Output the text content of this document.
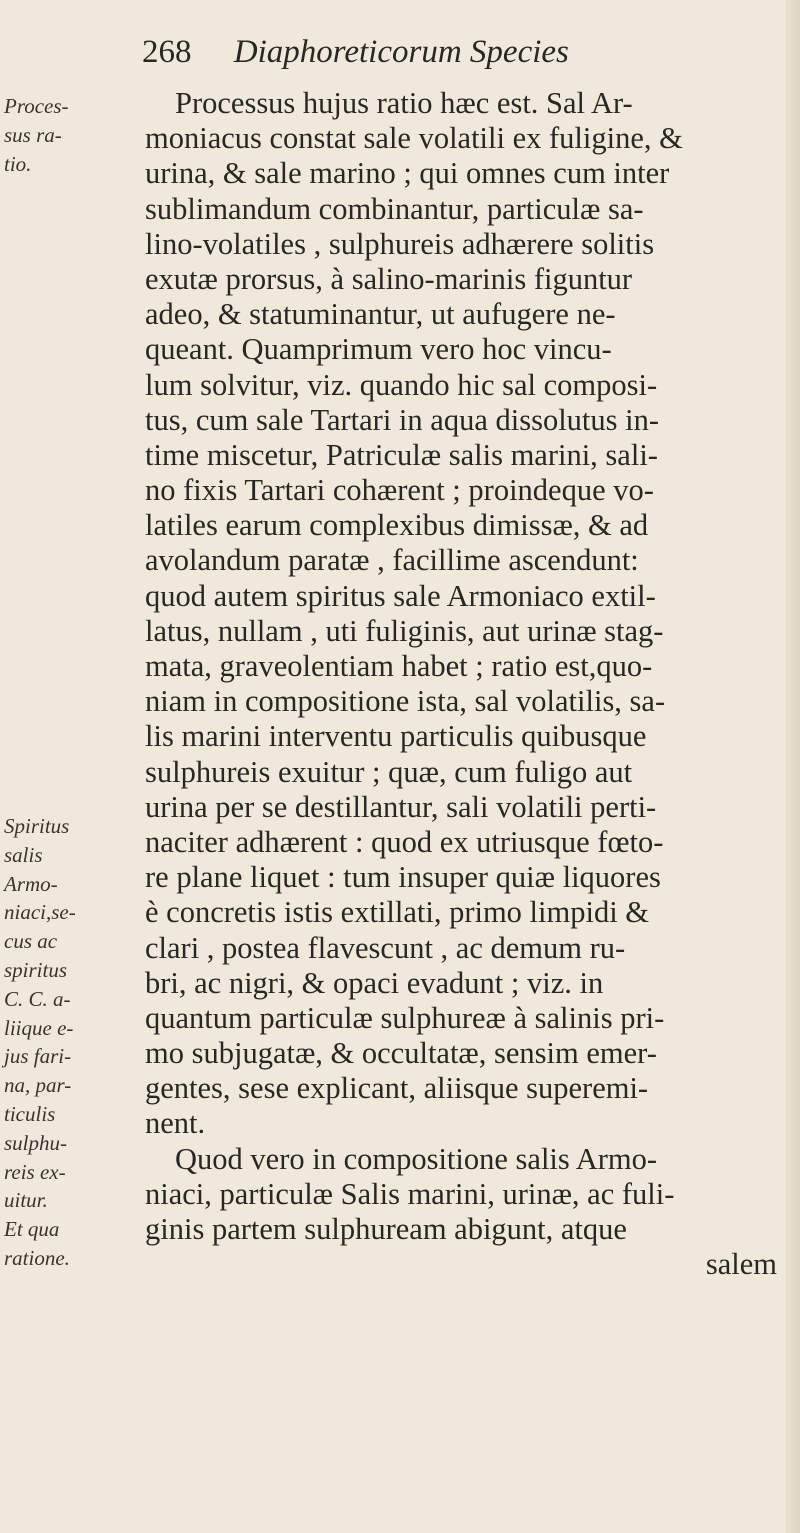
268 Diaphoreticorum Species
Proces-
sus ra-
tio.
Spiritus
salis
Armo-
niaci,se-
cus ac
spiritus
C. C. a-
liique e-
jus fari-
na, par-
ticulis
sulphu-
reis ex-
uitur.
Et qua
ratione.
Processus hujus ratio hæc est. Sal Ar-
moniacus constat sale volatili ex fuligine, &
urina, & sale marino ; qui omnes cum inter
sublimandum combinantur, particulæ sa-
lino-volatiles , sulphureis adhærere solitis
exutæ prorsus, à salino-marinis figuntur
adeo, & statuminantur, ut aufugere ne-
queant. Quamprimum vero hoc vincu-
lum solvitur, viz. quando hic sal composi-
tus, cum sale Tartari in aqua dissolutus in-
time miscetur, Patriculæ salis marini, sali-
no fixis Tartari cohærent ; proindeque vo-
latiles earum complexibus dimissæ, & ad
avolandum paratæ , facillime ascendunt:
quod autem spiritus sale Armoniaco extil-
latus, nullam , uti fuliginis, aut urinæ stag-
mata, graveolentiam habet ; ratio est,quo-
niam in compositione ista, sal volatilis, sa-
lis marini interventu particulis quibusque
sulphureis exuitur ; quæ, cum fuligo aut
urina per se destillantur, sali volatili perti-
naciter adhærent : quod ex utriusque fœto-
re plane liquet : tum insuper quiæ liquores
è concretis istis extillati, primo limpidi &
clari , postea flavescunt , ac demum ru-
bri, ac nigri, & opaci evadunt ; viz. in
quantum particulæ sulphureæ à salinis pri-
mo subjugatæ, & occultatæ, sensim emer-
gentes, sese explicant, aliisque superemi-
nent.
Quod vero in compositione salis Armo-
niaci, particulæ Salis marini, urinæ, ac fuli-
ginis partem sulphuream abigunt, atque
salem
